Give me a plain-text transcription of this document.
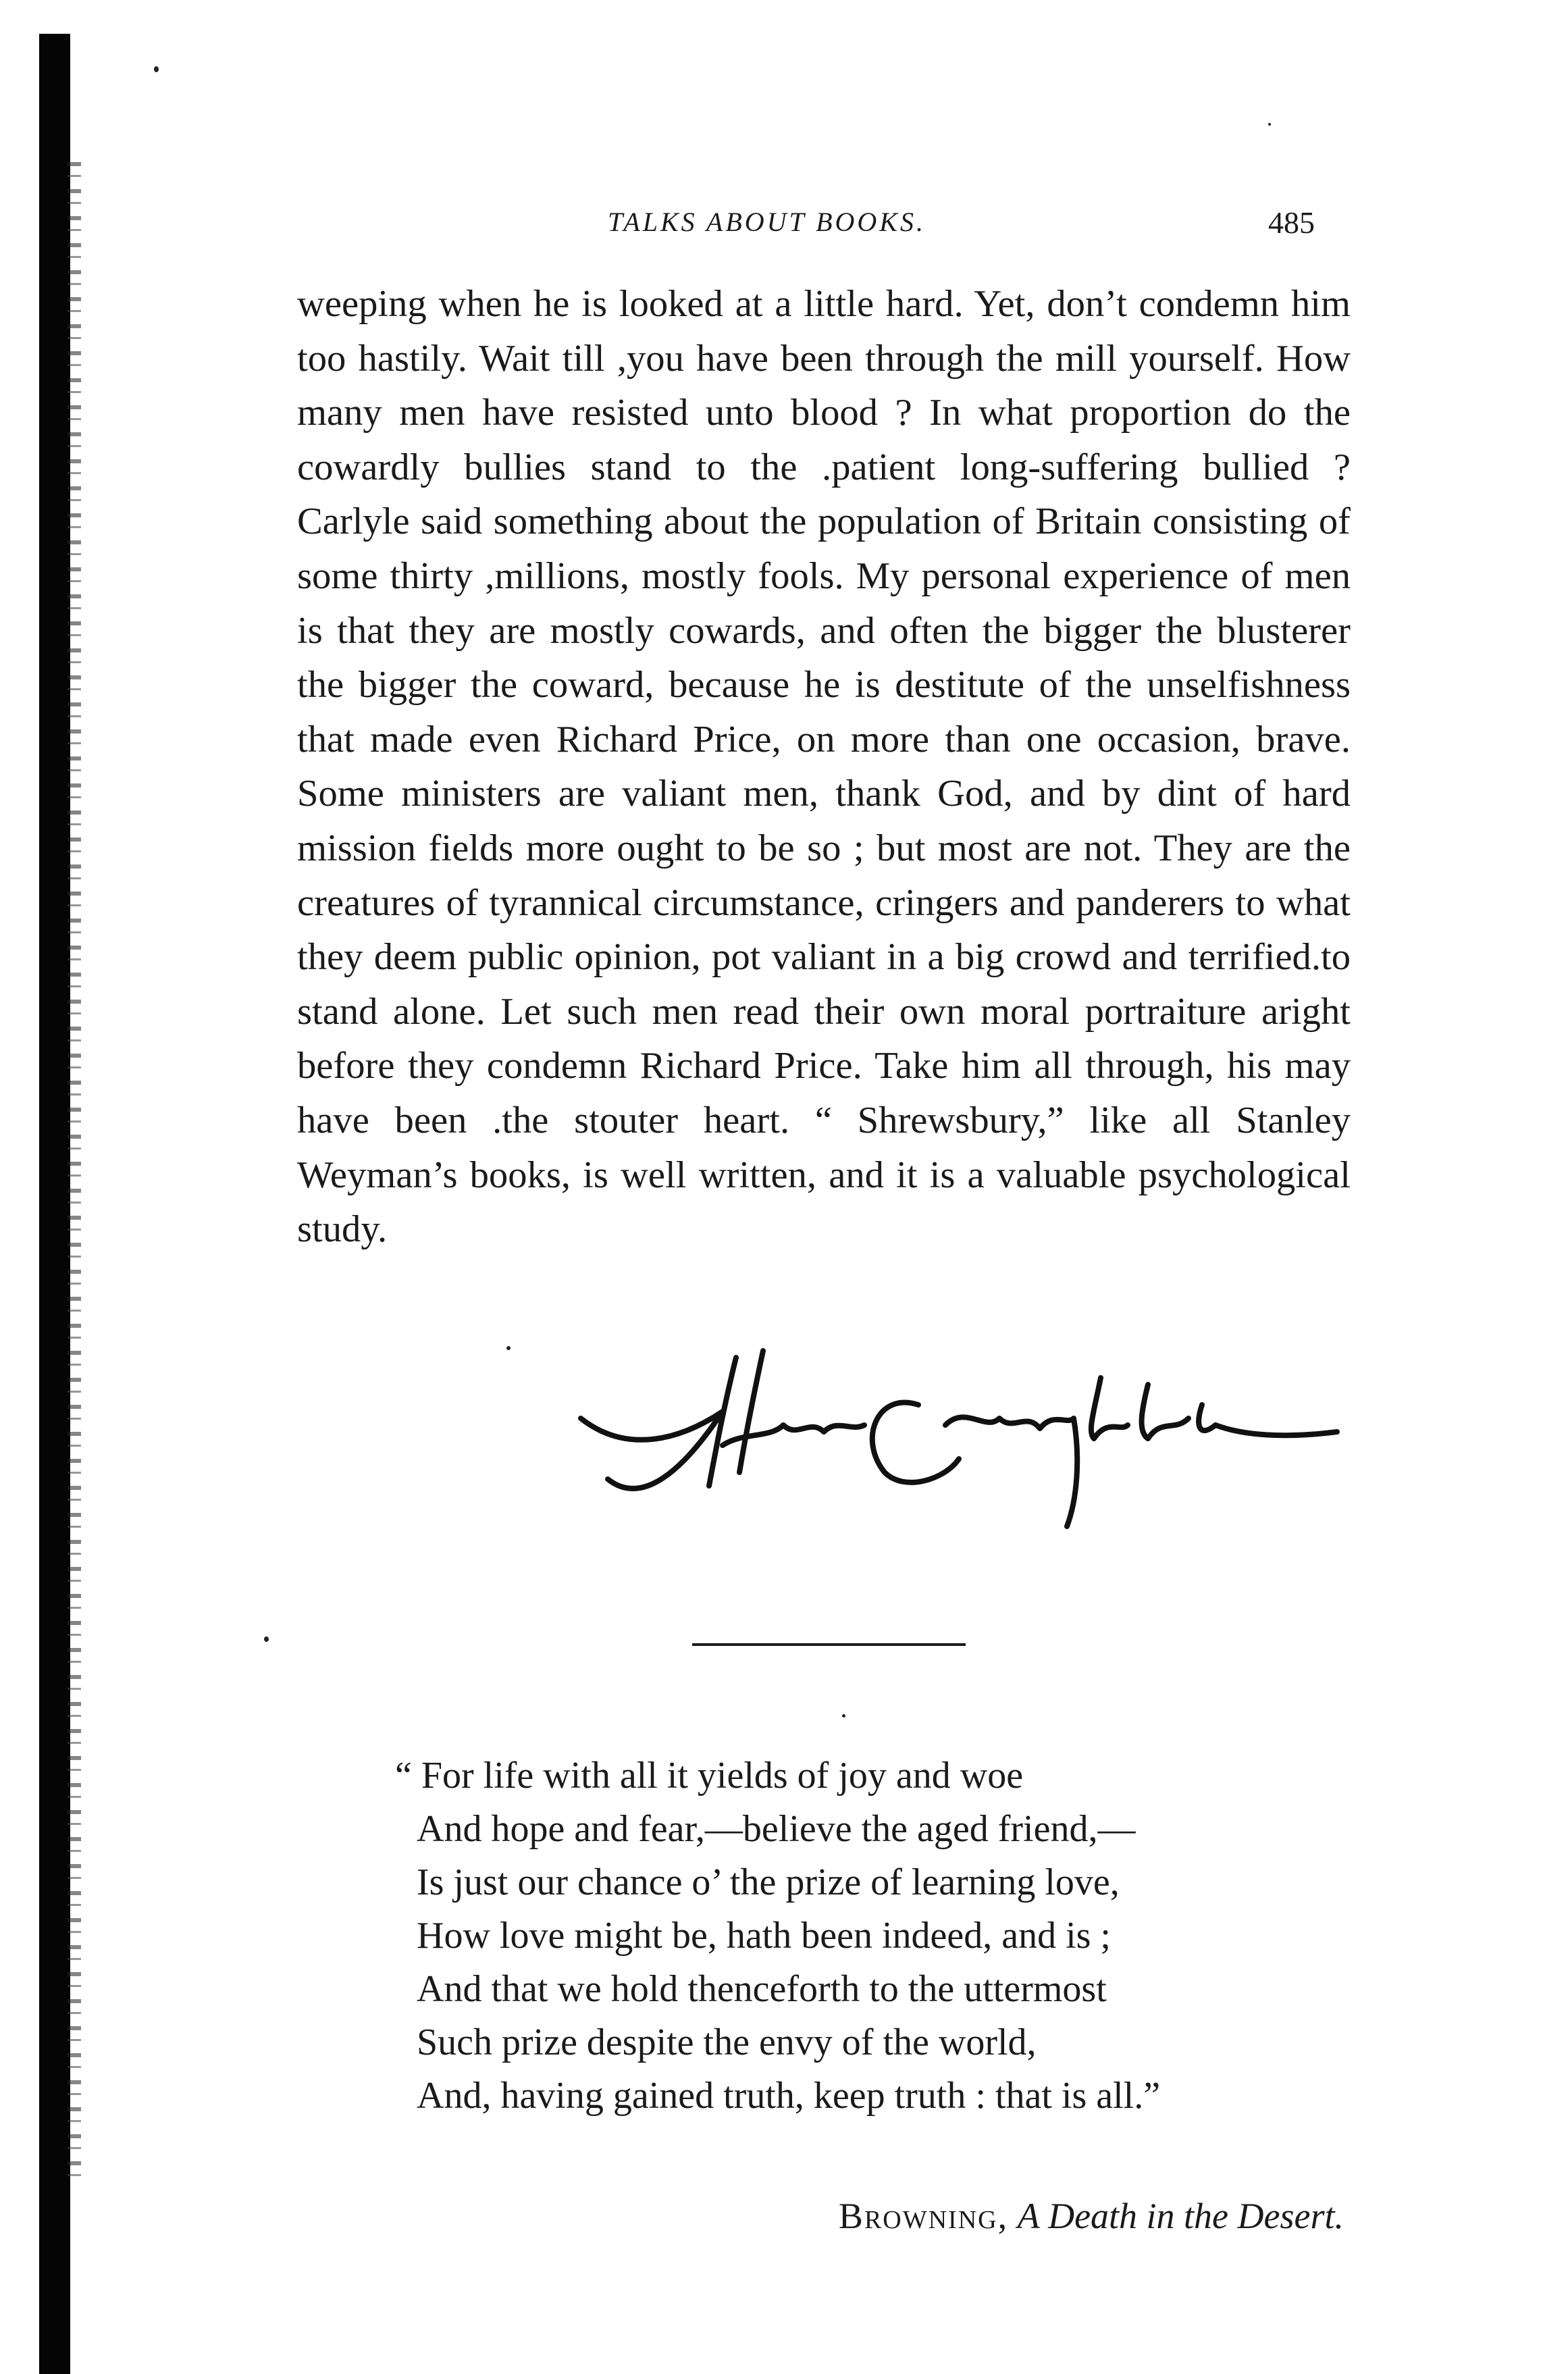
TALKS ABOUT BOOKS.	485

weeping when he is looked at a little hard. Yet, don’t condemn him too hastily. Wait till ,you have been through the mill yourself. How many men have resisted unto blood ? In what proportion do the cowardly bullies stand to the .patient long-suffering bullied ? Carlyle said something about the population of Britain consisting of some thirty ,millions, mostly fools. My personal experience of men is that they are mostly cowards, and often the bigger the blusterer the bigger the coward, because he is destitute of the unselfishness that made even Richard Price, on more than one occasion, brave. Some ministers are valiant men, thank God, and by dint of hard mission fields more ought to be so ; but most are not. They are the creatures of tyrannical circumstance, cringers and panderers to what they deem public opinion, pot valiant in a big crowd and terrified.to stand alone. Let such men read their own moral portraiture aright before they condemn Richard Price. Take him all through, his may have been .the stouter heart. “ Shrewsbury,” like all Stanley Weyman’s books, is well written, and it is a valuable psychological study.

“ For life with all it yields of joy and woe
And hope and fear,—believe the aged friend,—
Is just our chance o’ the prize of learning love,
How love might be, hath been indeed, and is ;
And that we hold thenceforth to the uttermost
Such prize despite the envy of the world,
And, having gained truth, keep truth : that is all.”
Browning, A Death in the Desert.
